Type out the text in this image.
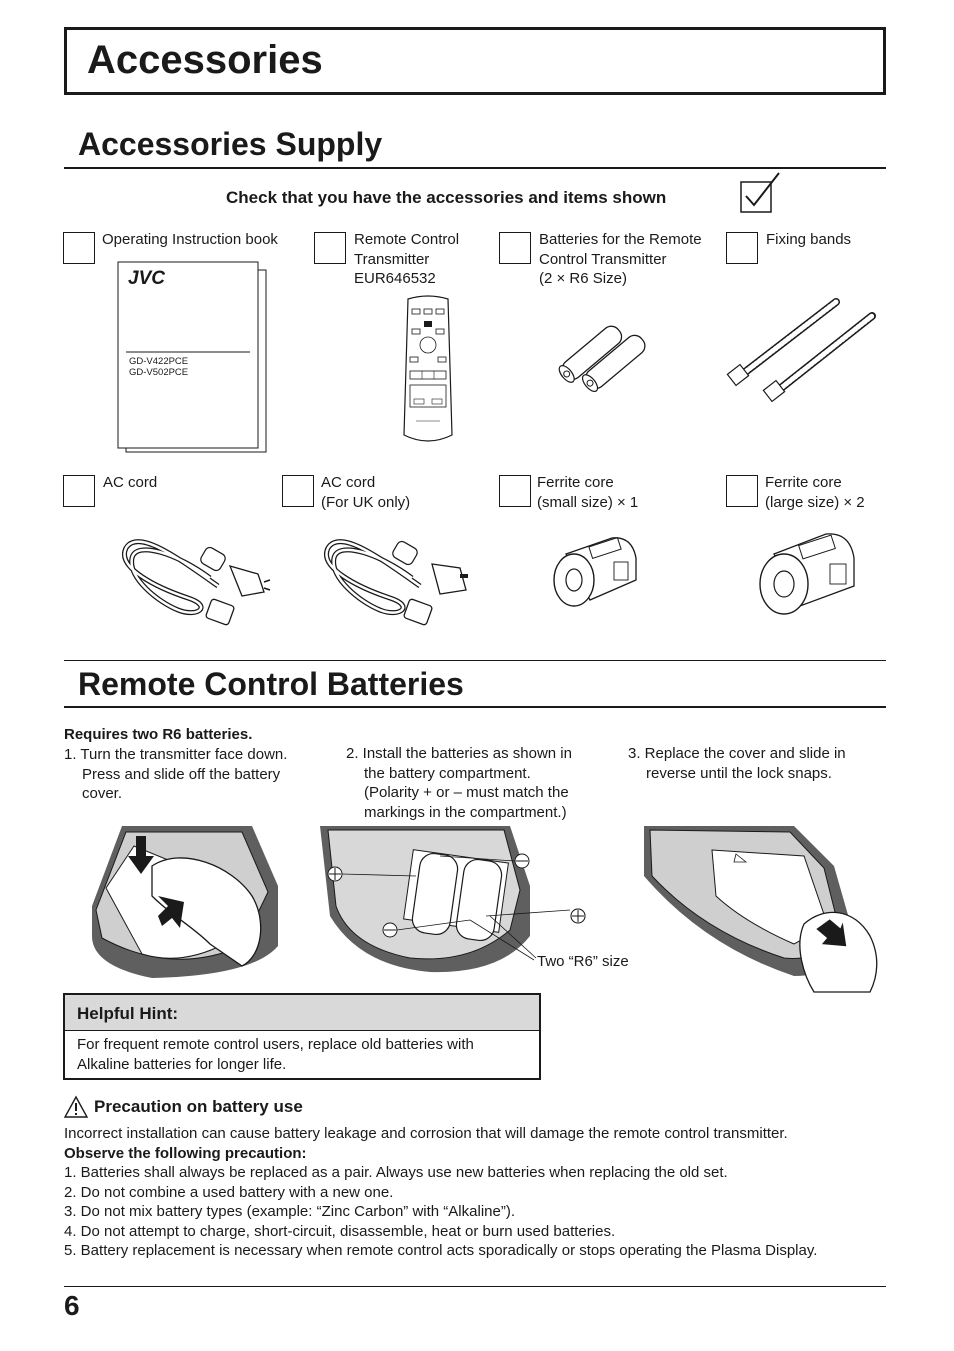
Accessories
Accessories Supply
Check that you have the accessories and items shown
Operating Instruction book	Remote Control
Transmitter
EUR646532
Batteries for the Remote
Control Transmitter
(2 × R6 Size)
Fixing bands
JVC
GD-V422PCE
GD-V502PCE
AC cord	AC cord
(For UK only)
Ferrite core
(small size) × 1
Ferrite core
(large size) × 2
Remote Control Batteries
Requires two R6 batteries.
1. Turn the transmitter face down.
Press and slide off the battery
cover.
2. Install the batteries as shown in
the battery compartment.
(Polarity + or – must match the
markings in the compartment.)
3. Replace the cover and slide in
reverse until the lock snaps.
Two “R6” size
Helpful Hint:
For frequent remote control users, replace old batteries with
Alkaline batteries for longer life.
Precaution on battery use
Incorrect installation can cause battery leakage and corrosion that will damage the remote control transmitter.
Observe the following precaution:
1. Batteries shall always be replaced as a pair. Always use new batteries when replacing the old set.
2. Do not combine a used battery with a new one.
3. Do not mix battery types (example: “Zinc Carbon” with “Alkaline”).
4. Do not attempt to charge, short-circuit, disassemble, heat or burn used batteries.
5. Battery replacement is necessary when remote control acts sporadically or stops operating the Plasma Display.
6
